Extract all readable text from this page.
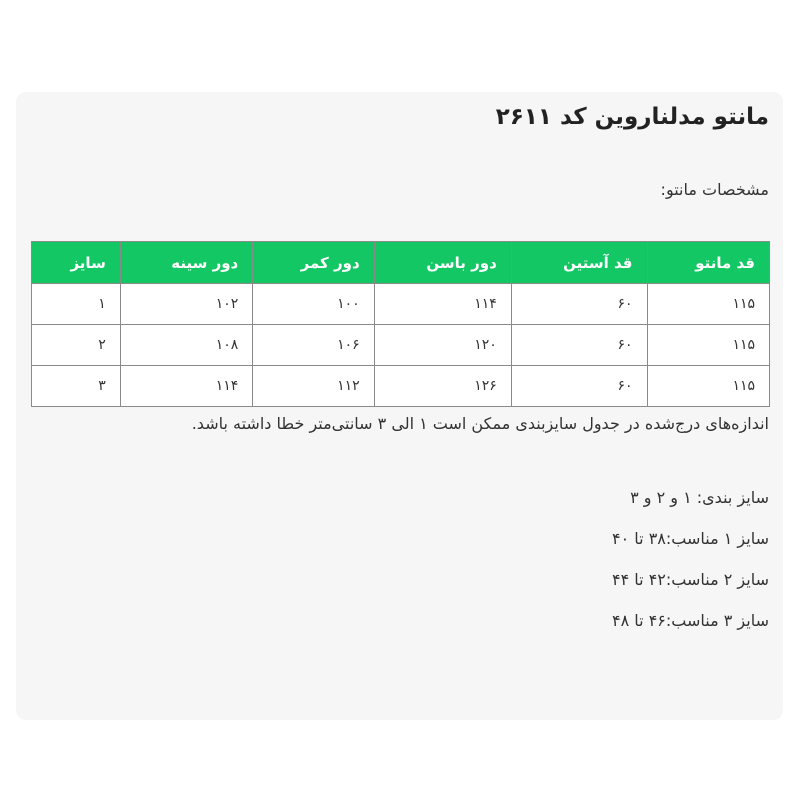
مانتو مدلناروین کد ۲۶۱۱

مشخصات مانتو:

قد مانتو	قد آستین	دور باسن	دور کمر	دور سینه	سایز
۱۱۵	۶۰	۱۱۴	۱۰۰	۱۰۲	۱
۱۱۵	۶۰	۱۲۰	۱۰۶	۱۰۸	۲
۱۱۵	۶۰	۱۲۶	۱۱۲	۱۱۴	۳

اندازه‌های درج‌شده در جدول سایزبندی ممکن است ۱ الی ۳ سانتی‌متر خطا داشته باشد.

سایز بندی: ۱ و ۲ و ۳
سایز ۱ مناسب:۳۸ تا ۴۰
سایز ۲ مناسب:۴۲ تا ۴۴
سایز ۳ مناسب:۴۶ تا ۴۸
